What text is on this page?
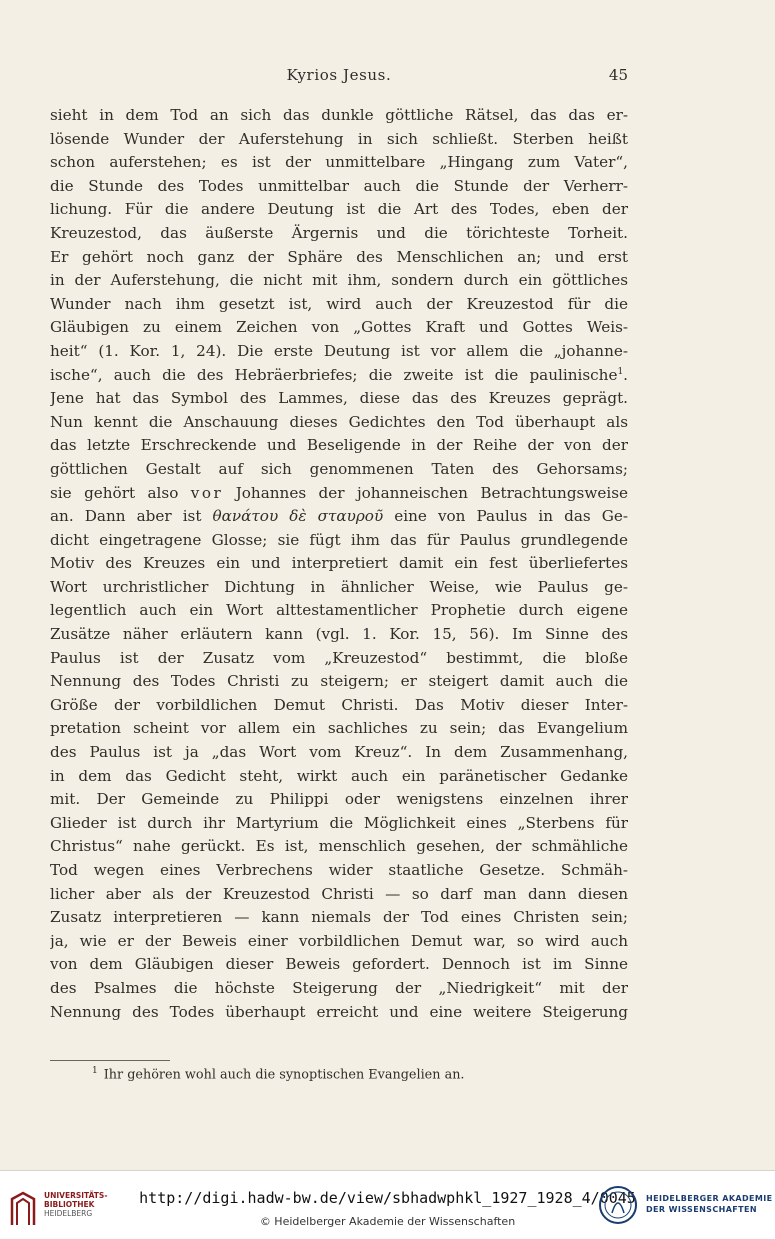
Kyrios Jesus.	45
sieht in dem Tod an sich das dunkle göttliche Rätsel, das das er-
lösende Wunder der Auferstehung in sich schließt. Sterben heißt
schon auferstehen; es ist der unmittelbare „Hingang zum Vater“,
die Stunde des Todes unmittelbar auch die Stunde der Verherr-
lichung. Für die andere Deutung ist die Art des Todes, eben der
Kreuzestod, das äußerste Ärgernis und die törichteste Torheit.
Er gehört noch ganz der Sphäre des Menschlichen an; und erst
in der Auferstehung, die nicht mit ihm, sondern durch ein göttliches
Wunder nach ihm gesetzt ist, wird auch der Kreuzestod für die
Gläubigen zu einem Zeichen von „Gottes Kraft und Gottes Weis-
heit“ (1. Kor. 1, 24). Die erste Deutung ist vor allem die „johanne-
ische“, auch die des Hebräerbriefes; die zweite ist die paulinische$^1$.
Jene hat das Symbol des Lammes, diese das des Kreuzes geprägt.
Nun kennt die Anschauung dieses Gedichtes den Tod überhaupt als
das letzte Erschreckende und Beseligende in der Reihe der von der
göttlichen Gestalt auf sich genommenen Taten des Gehorsams;
sie gehört also vor Johannes der johanneischen Betrachtungsweise
an. Dann aber ist θανάτου δὲ σταυροῦ eine von Paulus in das Ge-
dicht eingetragene Glosse; sie fügt ihm das für Paulus grundlegende
Motiv des Kreuzes ein und interpretiert damit ein fest überliefertes
Wort urchristlicher Dichtung in ähnlicher Weise, wie Paulus ge-
legentlich auch ein Wort alttestamentlicher Prophetie durch eigene
Zusätze näher erläutern kann (vgl. 1. Kor. 15, 56). Im Sinne des
Paulus ist der Zusatz vom „Kreuzestod“ bestimmt, die bloße
Nennung des Todes Christi zu steigern; er steigert damit auch die
Größe der vorbildlichen Demut Christi. Das Motiv dieser Inter-
pretation scheint vor allem ein sachliches zu sein; das Evangelium
des Paulus ist ja „das Wort vom Kreuz“. In dem Zusammenhang,
in dem das Gedicht steht, wirkt auch ein paränetischer Gedanke
mit. Der Gemeinde zu Philippi oder wenigstens einzelnen ihrer
Glieder ist durch ihr Martyrium die Möglichkeit eines „Sterbens für
Christus“ nahe gerückt. Es ist, menschlich gesehen, der schmähliche
Tod wegen eines Verbrechens wider staatliche Gesetze. Schmäh-
licher aber als der Kreuzestod Christi — so darf man dann diesen
Zusatz interpretieren — kann niemals der Tod eines Christen sein;
ja, wie er der Beweis einer vorbildlichen Demut war, so wird auch
von dem Gläubigen dieser Beweis gefordert. Dennoch ist im Sinne
des Psalmes die höchste Steigerung der „Niedrigkeit“ mit der
Nennung des Todes überhaupt erreicht und eine weitere Steigerung
$^1$ Ihr gehören wohl auch die synoptischen Evangelien an.
UNIVERSITÄTS-
BIBLIOTHEK
HEIDELBERG
http://digi.hadw-bw.de/view/sbhadwphkl_1927_1928_4/0045
© Heidelberger Akademie der Wissenschaften
HEIDELBERGER AKADEMIE
DER WISSENSCHAFTEN
